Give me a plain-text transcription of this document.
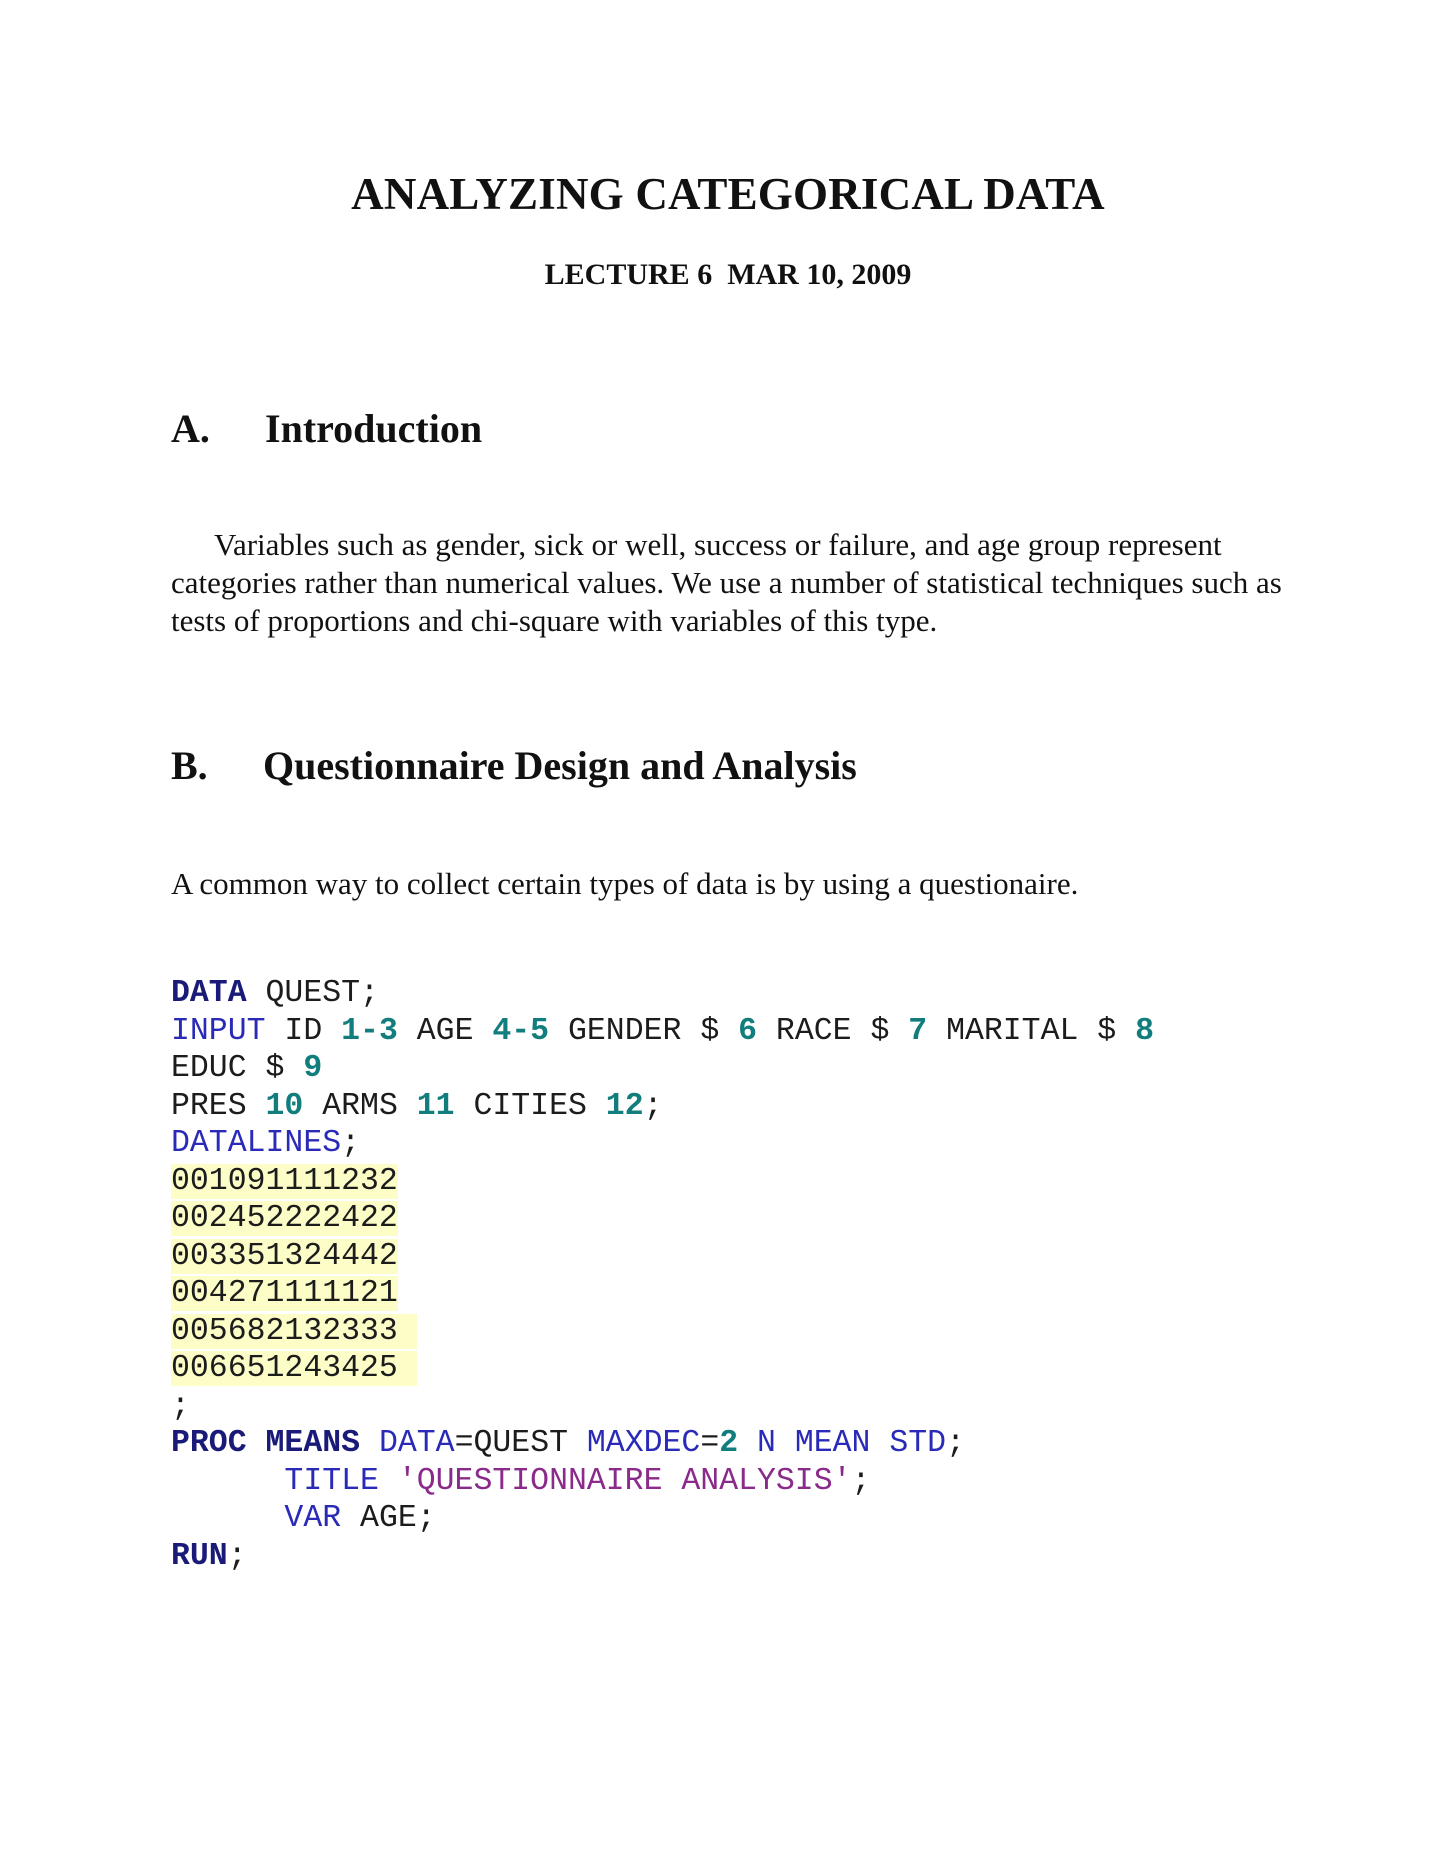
ANALYZING CATEGORICAL DATA
LECTURE 6  MAR 10, 2009
A. Introduction
Variables such as gender, sick or well, success or failure, and age group represent categories rather than numerical values. We use a number of statistical techniques such as tests of proportions and chi-square with variables of this type.
B. Questionnaire Design and Analysis
A common way to collect certain types of data is by using a questionaire.
DATA QUEST;
INPUT ID 1-3 AGE 4-5 GENDER $ 6 RACE $ 7 MARITAL $ 8
EDUC $ 9
PRES 10 ARMS 11 CITIES 12;
DATALINES;
001091111232
002452222422
003351324442
004271111121
005682132333
006651243425
;
PROC MEANS DATA=QUEST MAXDEC=2 N MEAN STD;
TITLE 'QUESTIONNAIRE ANALYSIS';
VAR AGE;
RUN;
